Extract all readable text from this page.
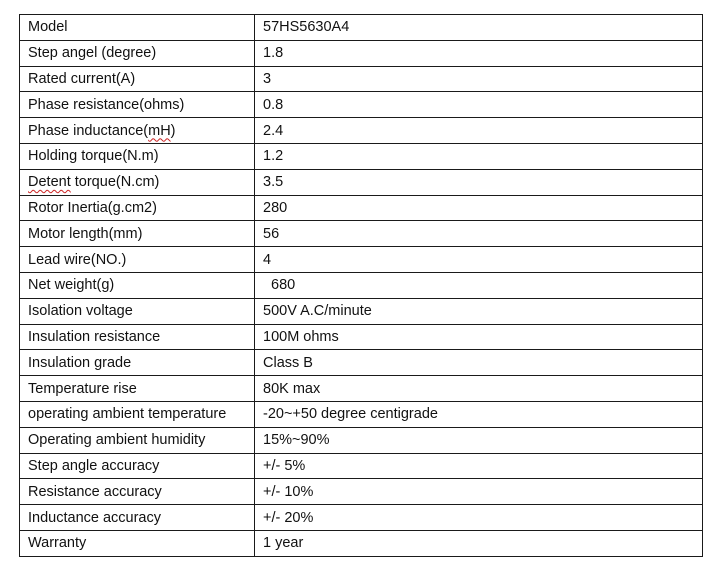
Model	57HS5630A4
Step angel (degree)	1.8
Rated current(A)	3
Phase resistance(ohms)	0.8
Phase inductance(mH)	2.4
Holding torque(N.m)	1.2
Detent torque(N.cm)	3.5
Rotor Inertia(g.cm2)	280
Motor length(mm)	56
Lead wire(NO.)	4
Net weight(g)	680
Isolation voltage	500V A.C/minute
Insulation resistance	100M ohms
Insulation grade	Class B
Temperature rise	80K max
operating ambient temperature	-20~+50 degree centigrade
Operating ambient humidity	15%~90%
Step angle accuracy	+/- 5%
Resistance accuracy	+/- 10%
Inductance accuracy	+/- 20%
Warranty	1 year
